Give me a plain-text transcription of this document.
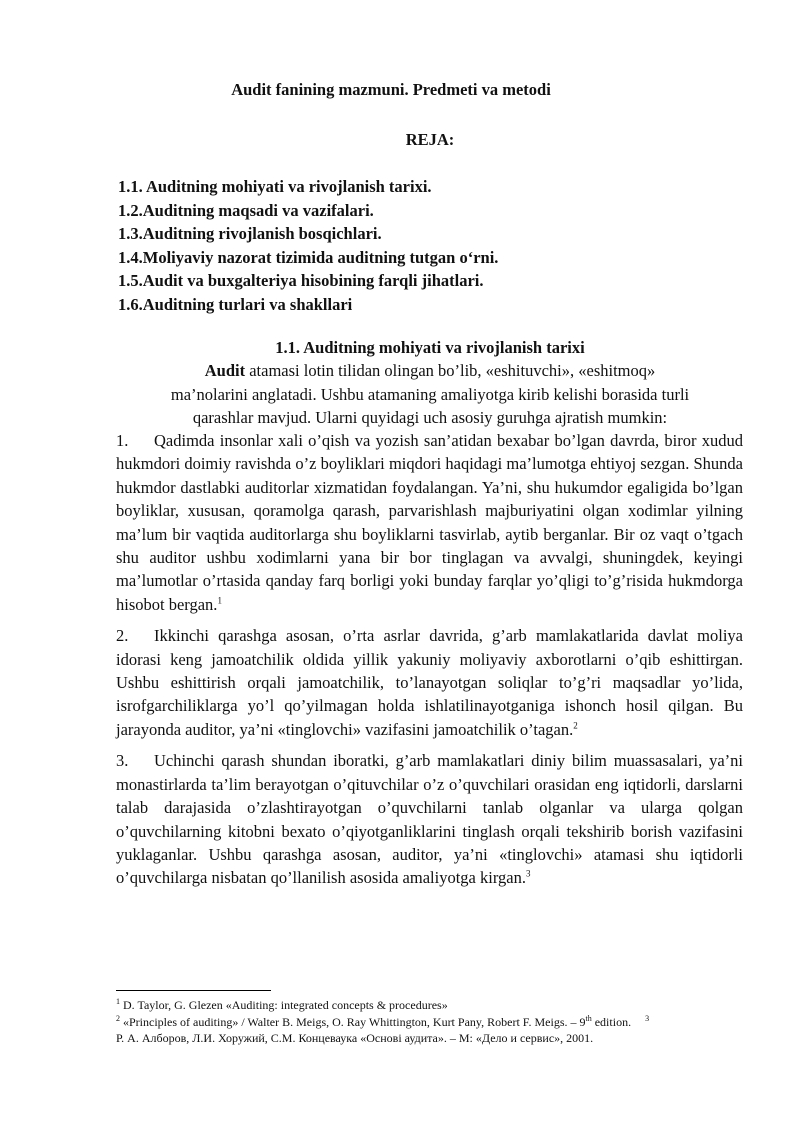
Audit fanining mazmuni. Predmeti va metodi
REJA:
1.1. Auditning mohiyati va rivojlanish tarixi.
1.2.Auditning maqsadi va vazifalari.
1.3.Auditning rivojlanish bosqichlari.
1.4.Moliyaviy nazorat tizimida auditning tutgan o‘rni.
1.5.Audit va buxgalteriya hisobining farqli jihatlari.
1.6.Auditning turlari va shakllari
1.1. Auditning mohiyati va rivojlanish tarixi
Audit atamasi lotin tilidan olingan bo’lib, «eshituvchi», «eshitmoq»
ma’nolarini anglatadi. Ushbu atamaning amaliyotga kirib kelishi borasida turli
qarashlar mavjud. Ularni quyidagi uch asosiy guruhga ajratish mumkin:

1. Qadimda insonlar xali o’qish va yozish san’atidan bexabar bo’lgan davrda, biror xudud hukmdori doimiy ravishda o’z boyliklari miqdori haqidagi ma’lumotga ehtiyoj sezgan. Shunda hukmdor dastlabki auditorlar xizmatidan foydalangan. Ya’ni, shu hukumdor egaligida bo’lgan boyliklar, xususan, qoramolga qarash, parvarishlash majburiyatini olgan xodimlar yilning ma’lum bir vaqtida auditorlarga shu boyliklarni tasvirlab, aytib berganlar. Bir oz vaqt o’tgach shu auditor ushbu xodimlarni yana bir bor tinglagan va avvalgi, shuningdek, keyingi ma’lumotlar o’rtasida qanday farq borligi yoki bunday farqlar yo’qligi to’g’risida hukmdorga hisobot bergan.$^1$

2. Ikkinchi qarashga asosan, o’rta asrlar davrida, g’arb mamlakatlarida davlat moliya idorasi keng jamoatchilik oldida yillik yakuniy moliyaviy axborotlarni o’qib eshittirgan. Ushbu eshittirish orqali jamoatchilik, to’lanayotgan soliqlar to’g’ri maqsadlar yo’lida, isrofgarchiliklarga yo’l qo’yilmagan holda ishlatilinayotganiga ishonch hosil qilgan. Bu jarayonda auditor, ya’ni «tinglovchi» vazifasini jamoatchilik o’tagan.$^2$

3. Uchinchi qarash shundan iboratki, g’arb mamlakatlari diniy bilim muassasalari, ya’ni monastirlarda ta’lim berayotgan o’qituvchilar o’z o’quvchilari orasidan eng iqtidorli, darslarni talab darajasida o’zlashtirayotgan o’quvchilarni tanlab olganlar va ularga qolgan o’quvchilarning kitobni bexato o’qiyotganliklarini tinglash orqali tekshirib borish vazifasini yuklaganlar. Ushbu qarashga asosan, auditor, ya’ni «tinglovchi» atamasi shu iqtidorli o’quvchilarga nisbatan qo’llanilish asosida amaliyotga kirgan.$^3$

$^1$ D. Taylor, G. Glezen «Auditing: integrated concepts & procedures»
$^2$ «Principles of auditing» / Walter B. Meigs, O. Ray Whittington, Kurt Pany, Robert F. Meigs. – 9th edition. $^3$
Р. А. Алборов, Л.И. Хоружий, С.М. Концеваука «Основі аудита». – М: «Дело и сервис», 2001.
